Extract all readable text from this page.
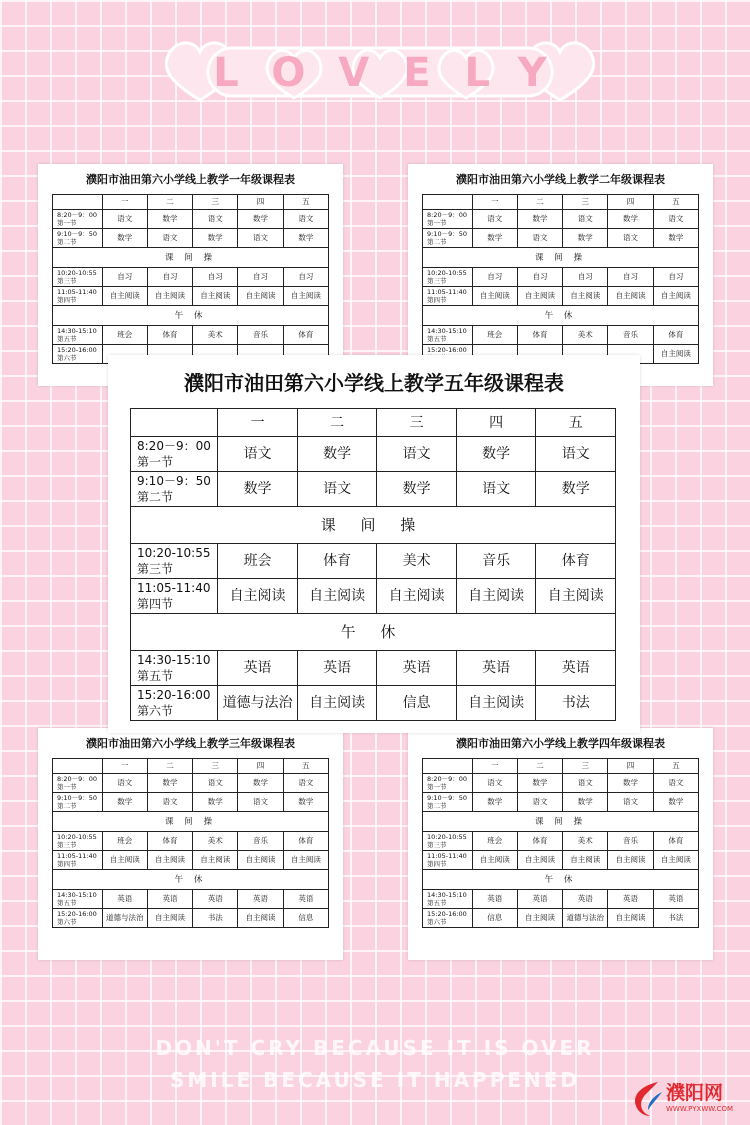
LOVELY
濮阳市油田第六小学线上教学一年级课程表
	一	二	三	四	五

8:20－9：00
第一节	语文	数学	语文	数学	语文

9:10－9：50
第二节	数学	语文	数学	语文	数学
课 间 操					

10:20-10:55
第三节	自习	自习	自习	自习	自习

11:05-11:40
第四节	自主阅读	自主阅读	自主阅读	自主阅读	自主阅读
午 休					

14:30-15:10
第五节	班会	体育	美术	音乐	体育

15:20-16:00
第六节					

濮阳市油田第六小学线上教学二年级课程表
	一	二	三	四	五

8:20－9：00
第一节	语文	数学	语文	数学	语文

9:10－9：50
第二节	数学	语文	数学	语文	数学
课 间 操					

10:20-10:55
第三节	自习	自习	自习	自习	自习

11:05-11:40
第四节	自主阅读	自主阅读	自主阅读	自主阅读	自主阅读
午 休					

14:30-15:10
第五节	班会	体育	美术	音乐	体育

15:20-16:00					自主阅读
濮阳市油田第六小学线上教学三年级课程表
	一	二	三	四	五

8:20－9：00
第一节	语文	数学	语文	数学	语文

9:10－9：50
第二节	数学	语文	数学	语文	数学
课 间 操					

10:20-10:55
第三节	班会	体育	美术	音乐	体育

11:05-11:40
第四节	自主阅读	自主阅读	自主阅读	自主阅读	自主阅读
午 休					

14:30-15:10
第五节	英语	英语	英语	英语	英语

15:20-16:00
第六节	道德与法治	自主阅读	书法	自主阅读	信息
濮阳市油田第六小学线上教学四年级课程表
	一	二	三	四	五

8:20－9：00
第一节	语文	数学	语文	数学	语文

9:10－9：50
第二节	数学	语文	数学	语文	数学
课 间 操					

10:20-10:55
第三节	班会	体育	美术	音乐	体育

11:05-11:40
第四节	自主阅读	自主阅读	自主阅读	自主阅读	自主阅读
午 休					

14:30-15:10
第五节	英语	英语	英语	英语	英语

15:20-16:00
第六节	信息	自主阅读	道德与法治	自主阅读	书法
濮阳市油田第六小学线上教学五年级课程表
	一	二	三	四	五

8:20－9：00
第一节	语文	数学	语文	数学	语文

9:10－9：50
第二节	数学	语文	数学	语文	数学
课 间 操					

10:20-10:55
第三节	班会	体育	美术	音乐	体育

11:05-11:40
第四节	自主阅读	自主阅读	自主阅读	自主阅读	自主阅读
午 休					

14:30-15:10
第五节	英语	英语	英语	英语	英语

15:20-16:00
第六节	道德与法治	自主阅读	信息	自主阅读	书法
DON'T CRY BECAUSE IT IS OVER
SMILE BECAUSE IT HAPPENED
濮阳网
WWW.PYXWW.COM
